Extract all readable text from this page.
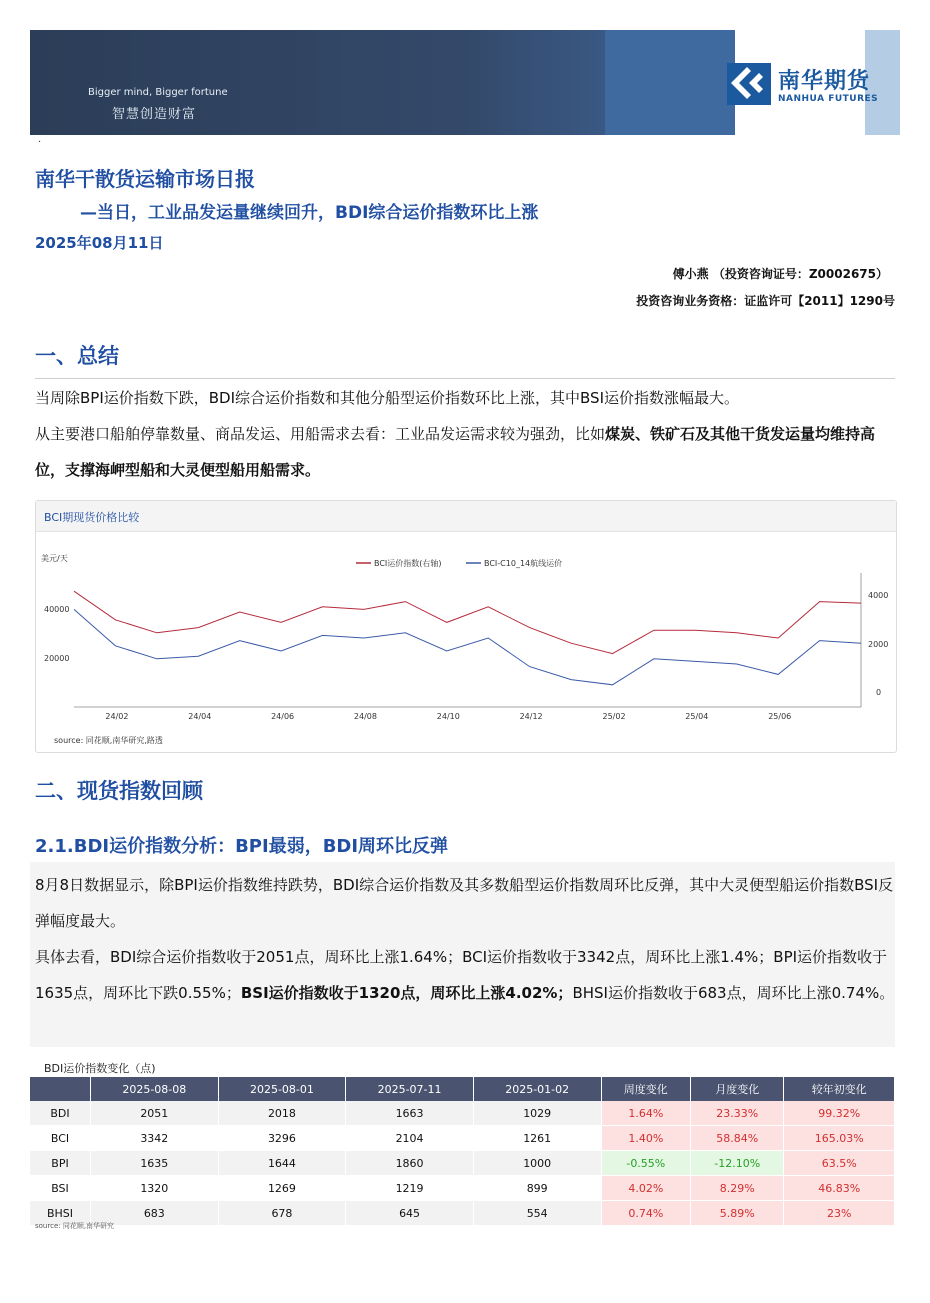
Bigger mind, Bigger fortune
智慧创造财富
南华期货
NANHUA FUTURES
·
南华干散货运输市场日报
—当日，工业品发运量继续回升，BDI综合运价指数环比上涨
2025年08月11日
傅小燕 （投资咨询证号：Z0002675）
投资咨询业务资格：证监许可【2011】1290号
一、总结
当周除BPI运价指数下跌，BDI综合运价指数和其他分船型运价指数环比上涨，其中BSI运价指数涨幅最大。
从主要港口船舶停靠数量、商品发运、用船需求去看：工业品发运需求较为强劲，比如煤炭、铁矿石及其他干货发运量均维持高位，支撑海岬型船和大灵便型船用船需求。
BCI期现货价格比较
美元/天
BCI运价指数(右轴)	BCI-C10_14航线运价
40000
20000
4000
2000
0
24/02	24/04	24/06	24/08	24/10	24/12	25/02	25/04	25/06
source: 同花顺,南华研究,路透
二、现货指数回顾
2.1.BDI运价指数分析：BPI最弱，BDI周环比反弹
8月8日数据显示，除BPI运价指数维持跌势，BDI综合运价指数及其多数船型运价指数周环比反弹，其中大灵便型船运价指数BSI反弹幅度最大。
具体去看，BDI综合运价指数收于2051点，周环比上涨1.64%；BCI运价指数收于3342点，周环比上涨1.4%；BPI运价指数收于1635点，周环比下跌0.55%；BSI运价指数收于1320点，周环比上涨4.02%；BHSI运价指数收于683点，周环比上涨0.74%。
BDI运价指数变化（点)
	2025-08-08	2025-08-01	2025-07-11	2025-01-02	周度变化	月度变化	较年初变化
BDI	2051	2018	1663	1029	1.64%	23.33%	99.32%
BCI	3342	3296	2104	1261	1.40%	58.84%	165.03%
BPI	1635	1644	1860	1000	-0.55%	-12.10%	63.5%
BSI	1320	1269	1219	899	4.02%	8.29%	46.83%
BHSI	683	678	645	554	0.74%	5.89%	23%
source: 同花顺,南华研究
